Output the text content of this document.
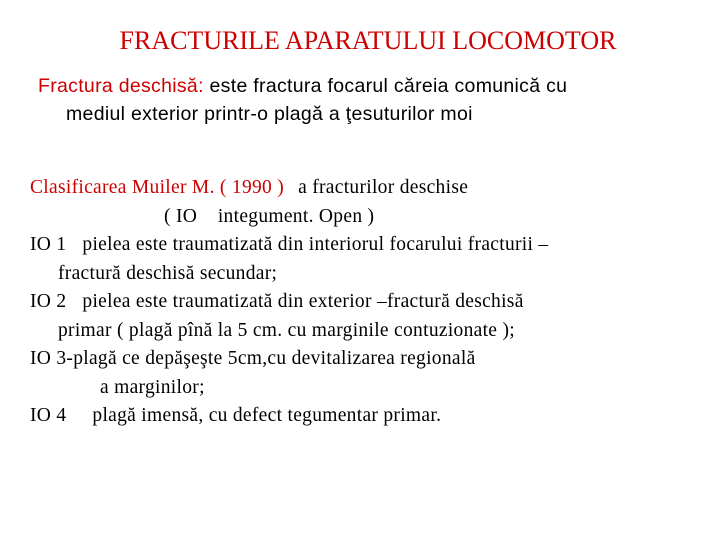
FRACTURILE APARATULUI LOCOMOTOR
Fractura deschisă: este fractura focarul căreia comunică cu
mediul exterior printr-o plagă a ţesuturilor moi
Clasificarea Muiler M. ( 1990 ) a fracturilor deschise
( IO    integument. Open )
IO 1 pielea este traumatizată din interiorul focarului fracturii –
fractură deschisă secundar;
IO 2 pielea este traumatizată din exterior –fractură deschisă
primar ( plagă pînă la 5 cm. cu marginile contuzionate );
IO 3-plagă ce depăşeşte 5cm,cu devitalizarea regională
a marginilor;
IO 4 plagă imensă, cu defect tegumentar primar.
